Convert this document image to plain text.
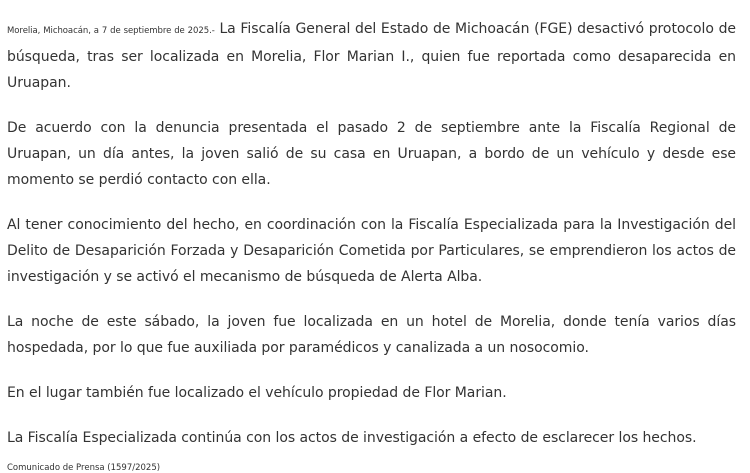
Morelia, Michoacán, a 7 de septiembre de 2025.- La Fiscalía General del Estado de Michoacán (FGE) desactivó protocolo de búsqueda, tras ser localizada en Morelia, Flor Marian I., quien fue reportada como desaparecida en Uruapan.

De acuerdo con la denuncia presentada el pasado 2 de septiembre ante la Fiscalía Regional de Uruapan, un día antes, la joven salió de su casa en Uruapan, a bordo de un vehículo y desde ese momento se perdió contacto con ella.

Al tener conocimiento del hecho, en coordinación con la Fiscalía Especializada para la Investigación del Delito de Desaparición Forzada y Desaparición Cometida por Particulares, se emprendieron los actos de investigación y se activó el mecanismo de búsqueda de Alerta Alba.

La noche de este sábado, la joven fue localizada en un hotel de Morelia, donde tenía varios días hospedada, por lo que fue auxiliada por paramédicos y canalizada a un nosocomio.

En el lugar también fue localizado el vehículo propiedad de Flor Marian.

La Fiscalía Especializada continúa con los actos de investigación a efecto de esclarecer los hechos.

Comunicado de Prensa (1597/2025)
